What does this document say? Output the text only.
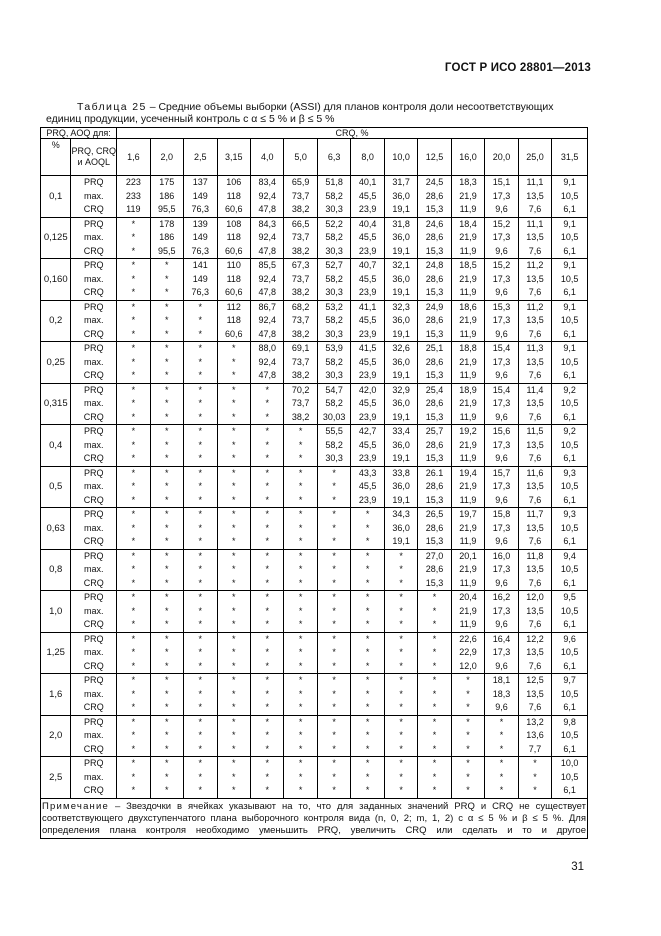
ГОСТ Р ИСО 28801—2013
Таблица 25 – Средние объемы выборки (ASSI) для планов контроля доли несоответствующих
единиц продукции, усеченный контроль с α ≤ 5 % и β ≤ 5 %
PRQ, AOQ для:		CRQ, %													
%	PRQ, CRQ и AOQL	1,6	2,0	2,5	3,15	4,0	5,0	6,3	8,0	10,0	12,5	16,0	20,0	25,0	31,5
0,1	PRQ	223	175	137	106	83,4	65,9	51,8	40,1	31,7	24,5	18,3	15,1	11,1	9,1
	max.	233	186	149	118	92,4	73,7	58,2	45,5	36,0	28,6	21,9	17,3	13,5	10,5
	CRQ	119	95,5	76,3	60,6	47,8	38,2	30,3	23,9	19,1	15,3	11,9	9,6	7,6	6,1
0,125	PRQ	*	178	139	108	84,3	66,5	52,2	40,4	31,8	24,6	18,4	15,2	11,1	9,1
	max.	*	186	149	118	92,4	73,7	58,2	45,5	36,0	28,6	21,9	17,3	13,5	10,5
	CRQ	*	95,5	76,3	60,6	47,8	38,2	30,3	23,9	19,1	15,3	11,9	9,6	7,6	6,1
0,160	PRQ	*	*	141	110	85,5	67,3	52,7	40,7	32,1	24,8	18,5	15,2	11,2	9,1
	max.	*	*	149	118	92,4	73,7	58,2	45,5	36,0	28,6	21,9	17,3	13,5	10,5
	CRQ	*	*	76,3	60,6	47,8	38,2	30,3	23,9	19,1	15,3	11,9	9,6	7,6	6,1
0,2	PRQ	*	*	*	112	86,7	68,2	53,2	41,1	32,3	24,9	18,6	15,3	11,2	9,1
	max.	*	*	*	118	92,4	73,7	58,2	45,5	36,0	28,6	21,9	17,3	13,5	10,5
	CRQ	*	*	*	60,6	47,8	38,2	30,3	23,9	19,1	15,3	11,9	9,6	7,6	6,1
0,25	PRQ	*	*	*	*	88,0	69,1	53,9	41,5	32,6	25,1	18,8	15,4	11,3	9,1
	max.	*	*	*	*	92,4	73,7	58,2	45,5	36,0	28,6	21,9	17,3	13,5	10,5
	CRQ	*	*	*	*	47,8	38,2	30,3	23,9	19,1	15,3	11,9	9,6	7,6	6,1
0,315	PRQ	*	*	*	*	*	70,2	54,7	42,0	32,9	25,4	18,9	15,4	11,4	9,2
	max.	*	*	*	*	*	73,7	58,2	45,5	36,0	28,6	21,9	17,3	13,5	10,5
	CRQ	*	*	*	*	*	38,2	30,03	23,9	19,1	15,3	11,9	9,6	7,6	6,1
0,4	PRQ	*	*	*	*	*	*	55,5	42,7	33,4	25,7	19,2	15,6	11,5	9,2
	max.	*	*	*	*	*	*	58,2	45,5	36,0	28,6	21,9	17,3	13,5	10,5
	CRQ	*	*	*	*	*	*	30,3	23,9	19,1	15,3	11,9	9,6	7,6	6,1
0,5	PRQ	*	*	*	*	*	*	*	43,3	33,8	26.1	19,4	15,7	11,6	9,3
	max.	*	*	*	*	*	*	*	45,5	36,0	28,6	21,9	17,3	13,5	10,5
	CRQ	*	*	*	*	*	*	*	23,9	19,1	15,3	11,9	9,6	7,6	6,1
0,63	PRQ	*	*	*	*	*	*	*	*	34,3	26,5	19,7	15,8	11,7	9,3
	max.	*	*	*	*	*	*	*	*	36,0	28,6	21,9	17,3	13,5	10,5
	CRQ	*	*	*	*	*	*	*	*	19,1	15,3	11,9	9,6	7,6	6,1
0,8	PRQ	*	*	*	*	*	*	*	*	*	27,0	20,1	16,0	11,8	9,4
	max.	*	*	*	*	*	*	*	*	*	28,6	21,9	17,3	13,5	10,5
	CRQ	*	*	*	*	*	*	*	*	*	15,3	11,9	9,6	7,6	6,1
1,0	PRQ	*	*	*	*	*	*	*	*	*	*	20,4	16,2	12,0	9,5
	max.	*	*	*	*	*	*	*	*	*	*	21,9	17,3	13,5	10,5
	CRQ	*	*	*	*	*	*	*	*	*	*	11,9	9,6	7,6	6,1
1,25	PRQ	*	*	*	*	*	*	*	*	*	*	22,6	16,4	12,2	9,6
	max.	*	*	*	*	*	*	*	*	*	*	22,9	17,3	13,5	10,5
	CRQ	*	*	*	*	*	*	*	*	*	*	12,0	9,6	7,6	6,1
1,6	PRQ	*	*	*	*	*	*	*	*	*	*	*	18,1	12,5	9,7
	max.	*	*	*	*	*	*	*	*	*	*	*	18,3	13,5	10,5
	CRQ	*	*	*	*	*	*	*	*	*	*	*	9,6	7,6	6,1
2,0	PRQ	*	*	*	*	*	*	*	*	*	*	*	*	13,2	9,8
	max.	*	*	*	*	*	*	*	*	*	*	*	*	13,6	10,5
	CRQ	*	*	*	*	*	*	*	*	*	*	*	*	7,7	6,1
2,5	PRQ	*	*	*	*	*	*	*	*	*	*	*	*	*	10,0
	max.	*	*	*	*	*	*	*	*	*	*	*	*	*	10,5
	CRQ	*	*	*	*	*	*	*	*	*	*	*	*	*	6,1
Примечание – Звездочки в ячейках указывают на то, что для заданных значений PRQ и CRQ не существует соответствующего двухступенчатого плана выборочного контроля вида (n, 0, 2; m, 1, 2) с α ≤ 5 % и β ≤ 5 %. Для определения плана контроля необходимо уменьшить PRQ, увеличить CRQ или сделать и то и другое															
31
